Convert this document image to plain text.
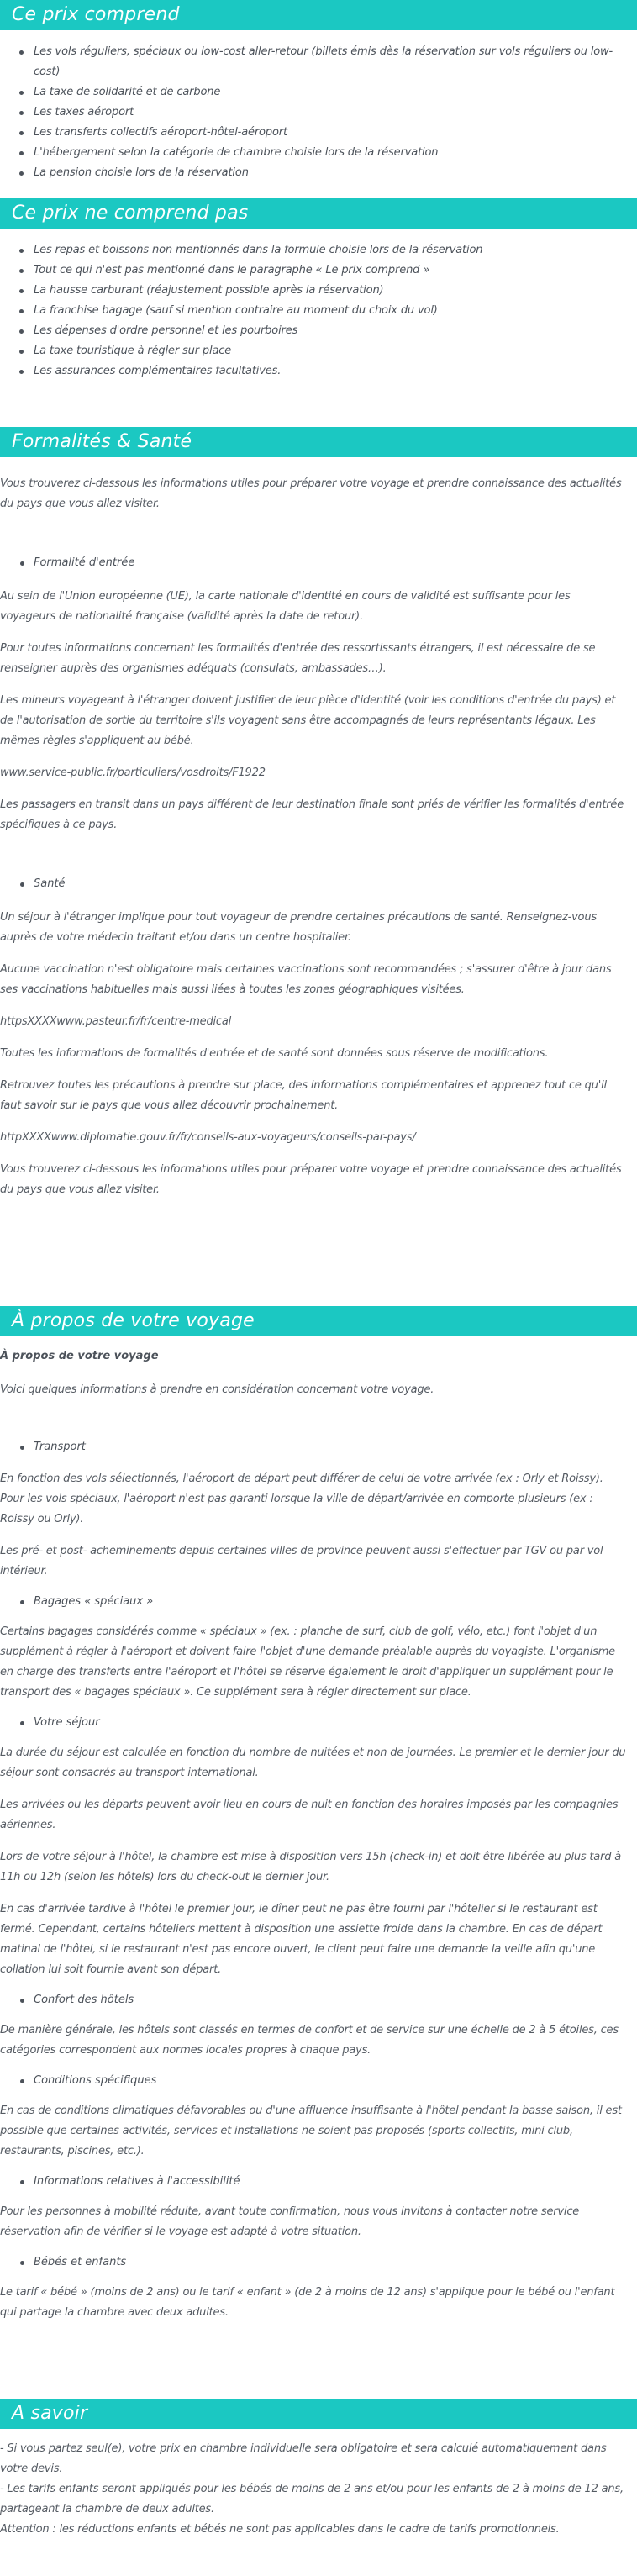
Ce prix comprend
Les vols réguliers, spéciaux ou low-cost aller-retour (billets émis dès la réservation sur vols réguliers ou low-cost)
La taxe de solidarité et de carbone
Les taxes aéroport
Les transferts collectifs aéroport-hôtel-aéroport
L'hébergement selon la catégorie de chambre choisie lors de la réservation
La pension choisie lors de la réservation
Ce prix ne comprend pas
Les repas et boissons non mentionnés dans la formule choisie lors de la réservation
Tout ce qui n'est pas mentionné dans le paragraphe « Le prix comprend »
La hausse carburant (réajustement possible après la réservation)
La franchise bagage (sauf si mention contraire au moment du choix du vol)
Les dépenses d'ordre personnel et les pourboires
La taxe touristique à régler sur place
Les assurances complémentaires facultatives.
Formalités & Santé

Vous trouverez ci-dessous les informations utiles pour préparer votre voyage et prendre connaissance des actualités du pays que vous allez visiter.

Formalité d'entrée

Au sein de l'Union européenne (UE), la carte nationale d'identité en cours de validité est suffisante pour les voyageurs de nationalité française (validité après la date de retour).

Pour toutes informations concernant les formalités d'entrée des ressortissants étrangers, il est nécessaire de se renseigner auprès des organismes adéquats (consulats, ambassades…).

Les mineurs voyageant à l'étranger doivent justifier de leur pièce d'identité (voir les conditions d'entrée du pays) et de l'autorisation de sortie du territoire s'ils voyagent sans être accompagnés de leurs représentants légaux. Les mêmes règles s'appliquent au bébé.

www.service-public.fr/particuliers/vosdroits/F1922

Les passagers en transit dans un pays différent de leur destination finale sont priés de vérifier les formalités d'entrée spécifiques à ce pays.

Santé

Un séjour à l'étranger implique pour tout voyageur de prendre certaines précautions de santé. Renseignez-vous auprès de votre médecin traitant et/ou dans un centre hospitalier.

Aucune vaccination n'est obligatoire mais certaines vaccinations sont recommandées ; s'assurer d'être à jour dans ses vaccinations habituelles mais aussi liées à toutes les zones géographiques visitées.

httpsXXXXwww.pasteur.fr/fr/centre-medical

Toutes les informations de formalités d'entrée et de santé sont données sous réserve de modifications.

Retrouvez toutes les précautions à prendre sur place, des informations complémentaires et apprenez tout ce qu'il faut savoir sur le pays que vous allez découvrir prochainement.

httpXXXXwww.diplomatie.gouv.fr/fr/conseils-aux-voyageurs/conseils-par-pays/

Vous trouverez ci-dessous les informations utiles pour préparer votre voyage et prendre connaissance des actualités du pays que vous allez visiter.

À propos de votre voyage
À propos de votre voyage

Voici quelques informations à prendre en considération concernant votre voyage.

Transport

En fonction des vols sélectionnés, l'aéroport de départ peut différer de celui de votre arrivée (ex : Orly et Roissy). Pour les vols spéciaux, l'aéroport n'est pas garanti lorsque la ville de départ/arrivée en comporte plusieurs (ex : Roissy ou Orly).

Les pré- et post- acheminements depuis certaines villes de province peuvent aussi s'effectuer par TGV ou par vol intérieur.

Bagages « spéciaux »

Certains bagages considérés comme « spéciaux » (ex. : planche de surf, club de golf, vélo, etc.) font l'objet d'un supplément à régler à l'aéroport et doivent faire l'objet d'une demande préalable auprès du voyagiste. L'organisme en charge des transferts entre l'aéroport et l'hôtel se réserve également le droit d'appliquer un supplément pour le transport des « bagages spéciaux ». Ce supplément sera à régler directement sur place.

Votre séjour

La durée du séjour est calculée en fonction du nombre de nuitées et non de journées. Le premier et le dernier jour du séjour sont consacrés au transport international.

Les arrivées ou les départs peuvent avoir lieu en cours de nuit en fonction des horaires imposés par les compagnies aériennes.

Lors de votre séjour à l'hôtel, la chambre est mise à disposition vers 15h (check-in) et doit être libérée au plus tard à 11h ou 12h (selon les hôtels) lors du check-out le dernier jour.

En cas d'arrivée tardive à l'hôtel le premier jour, le dîner peut ne pas être fourni par l'hôtelier si le restaurant est fermé. Cependant, certains hôteliers mettent à disposition une assiette froide dans la chambre. En cas de départ matinal de l'hôtel, si le restaurant n'est pas encore ouvert, le client peut faire une demande la veille afin qu'une collation lui soit fournie avant son départ.

Confort des hôtels

De manière générale, les hôtels sont classés en termes de confort et de service sur une échelle de 2 à 5 étoiles, ces catégories correspondent aux normes locales propres à chaque pays.

Conditions spécifiques

En cas de conditions climatiques défavorables ou d'une affluence insuffisante à l'hôtel pendant la basse saison, il est possible que certaines activités, services et installations ne soient pas proposés (sports collectifs, mini club, restaurants, piscines, etc.).

Informations relatives à l'accessibilité

Pour les personnes à mobilité réduite, avant toute confirmation, nous vous invitons à contacter notre service réservation afin de vérifier si le voyage est adapté à votre situation.

Bébés et enfants

Le tarif « bébé » (moins de 2 ans) ou le tarif « enfant » (de 2 à moins de 12 ans) s'applique pour le bébé ou l'enfant qui partage la chambre avec deux adultes.

A savoir

- Si vous partez seul(e), votre prix en chambre individuelle sera obligatoire et sera calculé automatiquement dans votre devis.

- Les tarifs enfants seront appliqués pour les bébés de moins de 2 ans et/ou pour les enfants de 2 à moins de 12 ans, partageant la chambre de deux adultes.

Attention : les réductions enfants et bébés ne sont pas applicables dans le cadre de tarifs promotionnels.
